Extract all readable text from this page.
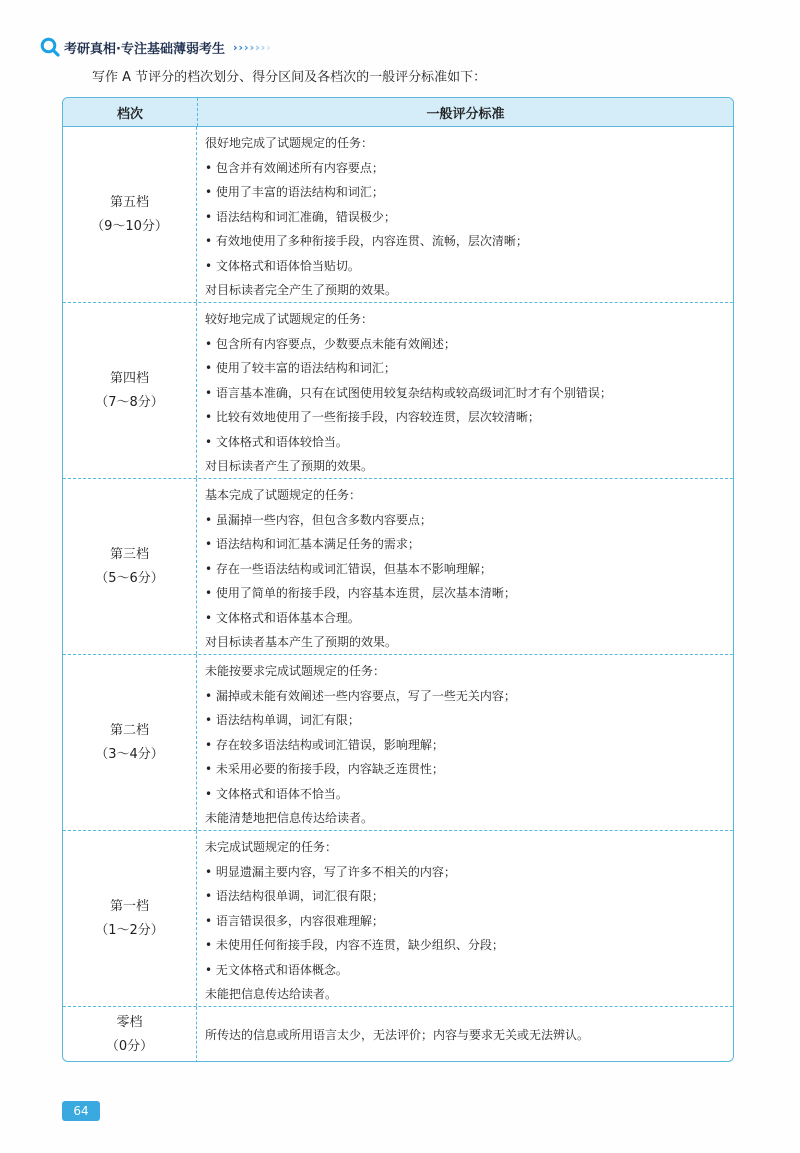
考研真相·专注基础薄弱考生 › › › › › › ›
写作 A 节评分的档次划分、得分区间及各档次的一般评分标准如下：
档次	一般评分标准
第五档
（9～10分）
很好地完成了试题规定的任务：
• 包含并有效阐述所有内容要点；
• 使用了丰富的语法结构和词汇；
• 语法结构和词汇准确，错误极少；
• 有效地使用了多种衔接手段，内容连贯、流畅，层次清晰；
• 文体格式和语体恰当贴切。
对目标读者完全产生了预期的效果。
第四档
（7～8分）
较好地完成了试题规定的任务：
• 包含所有内容要点，少数要点未能有效阐述；
• 使用了较丰富的语法结构和词汇；
• 语言基本准确，只有在试图使用较复杂结构或较高级词汇时才有个别错误；
• 比较有效地使用了一些衔接手段，内容较连贯，层次较清晰；
• 文体格式和语体较恰当。
对目标读者产生了预期的效果。
第三档
（5～6分）
基本完成了试题规定的任务：
• 虽漏掉一些内容，但包含多数内容要点；
• 语法结构和词汇基本满足任务的需求；
• 存在一些语法结构或词汇错误，但基本不影响理解；
• 使用了简单的衔接手段，内容基本连贯，层次基本清晰；
• 文体格式和语体基本合理。
对目标读者基本产生了预期的效果。
第二档
（3～4分）
未能按要求完成试题规定的任务：
• 漏掉或未能有效阐述一些内容要点，写了一些无关内容；
• 语法结构单调，词汇有限；
• 存在较多语法结构或词汇错误，影响理解；
• 未采用必要的衔接手段，内容缺乏连贯性；
• 文体格式和语体不恰当。
未能清楚地把信息传达给读者。
第一档
（1～2分）
未完成试题规定的任务：
• 明显遗漏主要内容，写了许多不相关的内容；
• 语法结构很单调，词汇很有限；
• 语言错误很多，内容很难理解；
• 未使用任何衔接手段，内容不连贯，缺少组织、分段；
• 无文体格式和语体概念。
未能把信息传达给读者。
零档
（0分）
所传达的信息或所用语言太少，无法评价；内容与要求无关或无法辨认。
64
